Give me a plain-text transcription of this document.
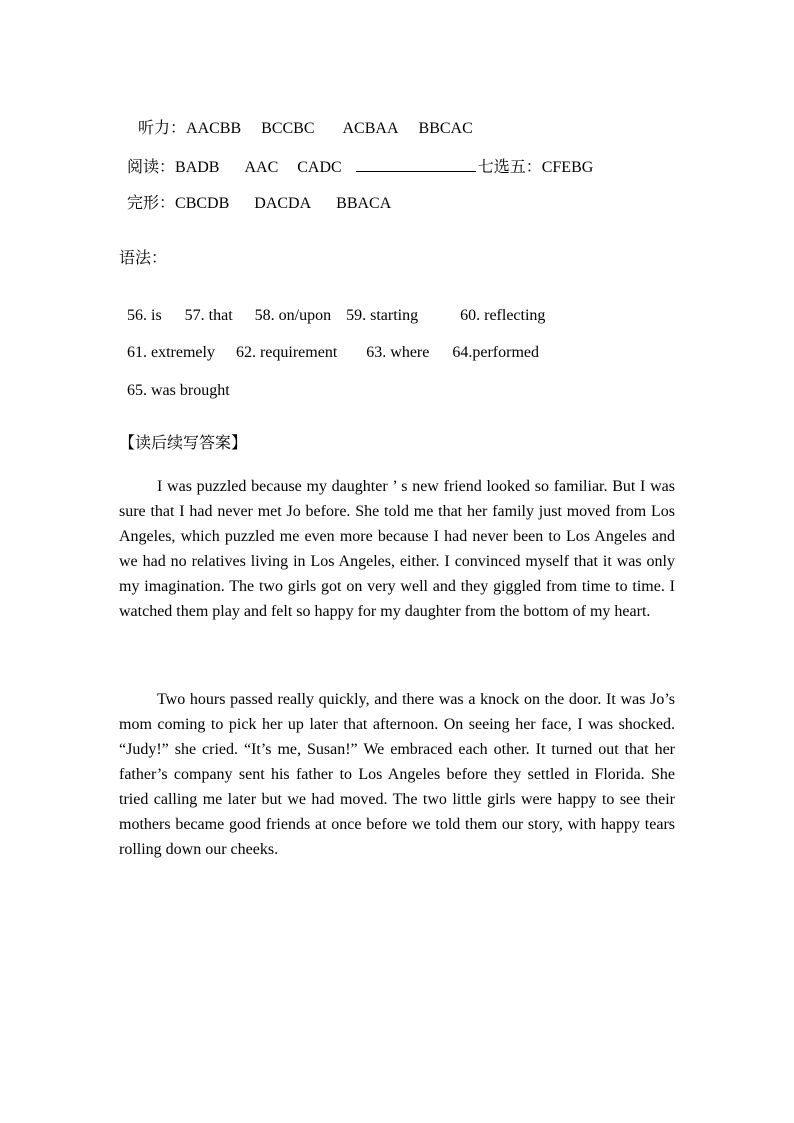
听力：AACBB BCCBC ACBAA BBCAC

阅读：BADB AAC CADC	七选五：CFEBG

完形：CBCDB DACDA BBACA

语法：

56. is 57. that 58. on/upon 59. starting	60. reflecting

61. extremely 62. requirement 63. where 64.performed

65. was brought

【读后续写答案】

I was puzzled because my daughter ’ s new friend looked so familiar. But I was sure that I had never met Jo before. She told me that her family just moved from Los Angeles, which puzzled me even more because I had never been to Los Angeles and we had no relatives living in Los Angeles, either. I convinced myself that it was only my imagination. The two girls got on very well and they giggled from time to time. I watched them play and felt so happy for my daughter from the bottom of my heart.

Two hours passed really quickly, and there was a knock on the door. It was Jo’s mom coming to pick her up later that afternoon. On seeing her face, I was shocked. “Judy!” she cried. “It’s me, Susan!” We embraced each other. It turned out that her father’s company sent his father to Los Angeles before they settled in Florida. She tried calling me later but we had moved. The two little girls were happy to see their mothers became good friends at once before we told them our story, with happy tears rolling down our cheeks.
